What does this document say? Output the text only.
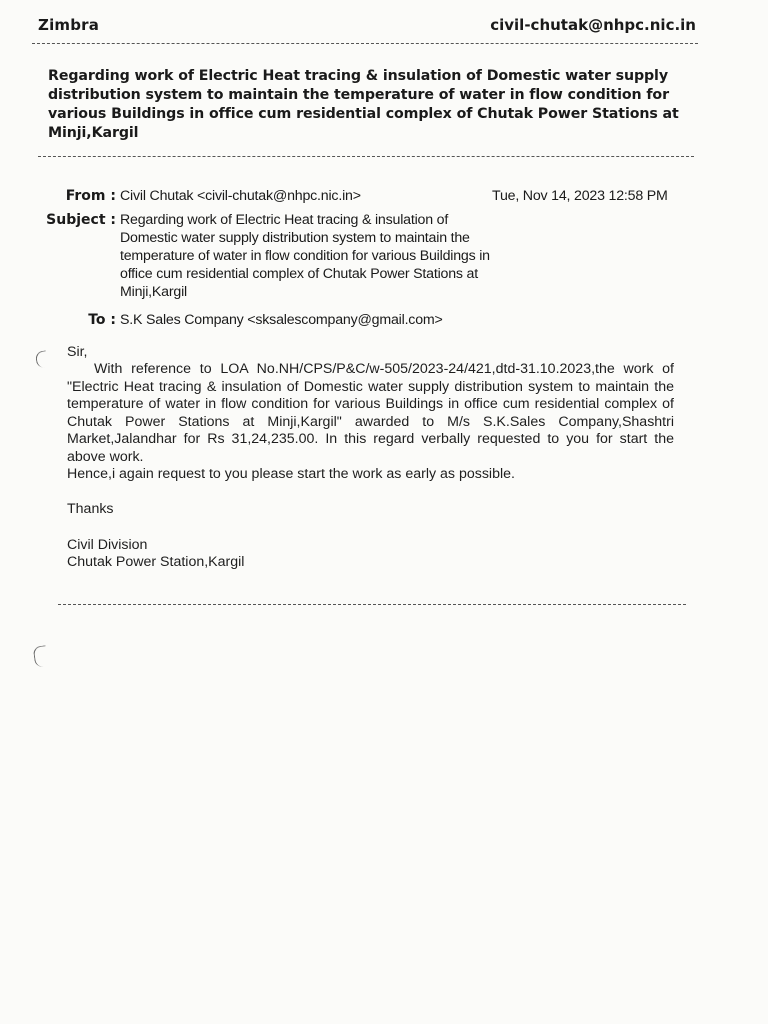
Zimbra	civil-chutak@nhpc.nic.in
Regarding work of Electric Heat tracing & insulation of Domestic water supply distribution system to maintain the temperature of water in flow condition for various Buildings in office cum residential complex of Chutak Power Stations at Minji,Kargil
From : Civil Chutak <civil-chutak@nhpc.nic.in>	Tue, Nov 14, 2023 12:58 PM
Subject : Regarding work of Electric Heat tracing & insulation of Domestic water supply distribution system to maintain the temperature of water in flow condition for various Buildings in office cum residential complex of Chutak Power Stations at Minji,Kargil
To : S.K Sales Company <sksalescompany@gmail.com>
Sir,
With reference to LOA No.NH/CPS/P&C/w-505/2023-24/421,dtd-31.10.2023,the work of "Electric Heat tracing & insulation of Domestic water supply distribution system to maintain the temperature of water in flow condition for various Buildings in office cum residential complex of Chutak Power Stations at Minji,Kargil" awarded to M/s S.K.Sales Company,Shashtri Market,Jalandhar for Rs 31,24,235.00. In this regard verbally requested to you for start the above work.
Hence,i again request to you please start the work as early as possible.
Thanks
Civil Division
Chutak Power Station,Kargil
